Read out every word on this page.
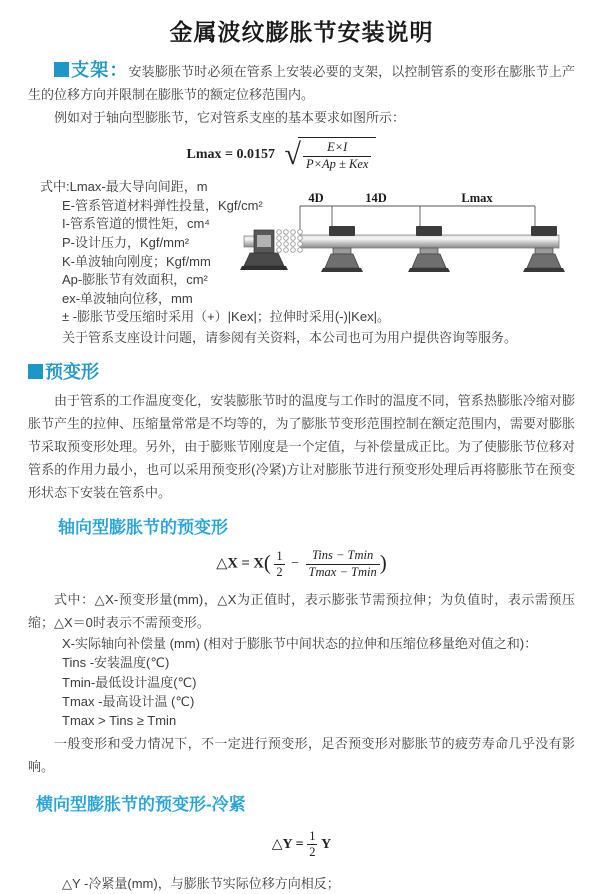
金属波纹膨胀节安装说明

支架：安装膨胀节时必须在管系上安装必要的支架，以控制管系的变形在膨胀节上产生的位移方向并限制在膨胀节的额定位移范围内。

例如对于轴向型膨胀节，它对管系支座的基本要求如图所示：

Lmax = 0.0157 √	E×I
P×Ap ± Kex
式中:Lmax-最大导向间距，m
E-管系管道材料弹性投量，Kgf/cm²
I-管系管道的惯性矩，cm⁴
P-设计压力，Kgf/mm²
K-单波轴向刚度；Kgf/mm
Ap-膨胀节有效面积，cm²
ex-单波轴向位移，mm
± -膨胀节受压缩时采用（+）|Kex|；拉伸时采用(-)|Kex|。
关于管系支座设计问题，请参阅有关资料，本公司也可为用户提供咨询等服务。
4D	14D	Lmax
预变形

由于管系的工作温度变化，安装膨胀节时的温度与工作时的温度不同，管系热膨胀冷缩对膨胀节产生的拉伸、压缩量常常是不均等的，为了膨胀节变形范围控制在额定范围内，需要对膨胀节采取预变形处理。另外，由于膨账节刚度是一个定值，与补偿量成正比。为了使膨胀节位移对管系的作用力最小，也可以采用预变形(冷紧)方让对膨胀节进行预变形处理后再将膨胀节在预变形状态下安装在管系中。

轴向型膨胀节的预变形
△X = $X( \frac{1}{2}$ −
Tins − Tmin
Tmax − Tmin )

式中：△X-预变形量(mm)，△X为正值时，表示膨张节需预拉伸；为负值时，表示需预压缩；△X＝0时表示不需预变形。

X-实际轴向补偿量 (mm) (相对于膨胀节中间状态的拉伸和压缩位移量绝对值之和)：
Tins -安装温度(℃)
Tmin-最低设计温度(℃)
Tmax -最高设计温 (℃)
Tmax > Tins ≥ Tmin

一般变形和受力情况下，不一定进行预变形，足否预变形对膨胀节的疲劳寿命几乎没有影响。

横向型膨胀节的预变形-冷紧
△Y = $\frac{1}{2}$ Y
△Y -冷紧量(mm)，与膨胀节实际位移方向相反；
